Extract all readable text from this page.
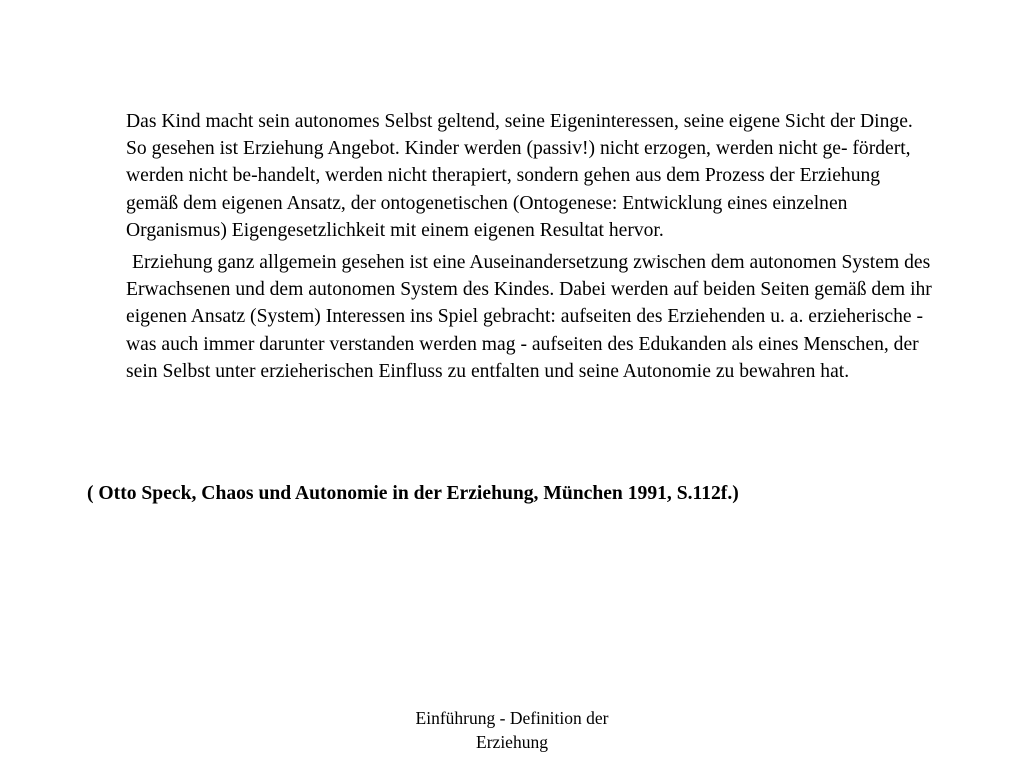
Das Kind macht sein autonomes Selbst geltend, seine Eigeninteressen, seine eigene Sicht der Dinge. So gesehen ist Erziehung Angebot. Kinder werden (passiv!) nicht erzogen, werden nicht ge- fördert, werden nicht be-handelt, werden nicht therapiert, sondern gehen aus dem Prozess der Erziehung gemäß dem eigenen Ansatz, der ontogenetischen (Ontogenese: Entwicklung eines einzelnen Organismus) Eigengesetzlichkeit mit einem eigenen Resultat hervor.

Erziehung ganz allgemein gesehen ist eine Auseinandersetzung zwischen dem autonomen System des Erwachsenen und dem autonomen System des Kindes. Dabei werden auf beiden Seiten gemäß dem ihr eigenen Ansatz (System) Interessen ins Spiel gebracht: aufseiten des Erziehenden u. a. erzieherische - was auch immer darunter verstanden werden mag - aufseiten des Edukanden als eines Menschen, der sein Selbst unter erzieherischen Einfluss zu entfalten und seine Autonomie zu bewahren hat.

( Otto Speck, Chaos und Autonomie in der Erziehung, München 1991, S.112f.)
Einführung - Definition der
Erziehung
